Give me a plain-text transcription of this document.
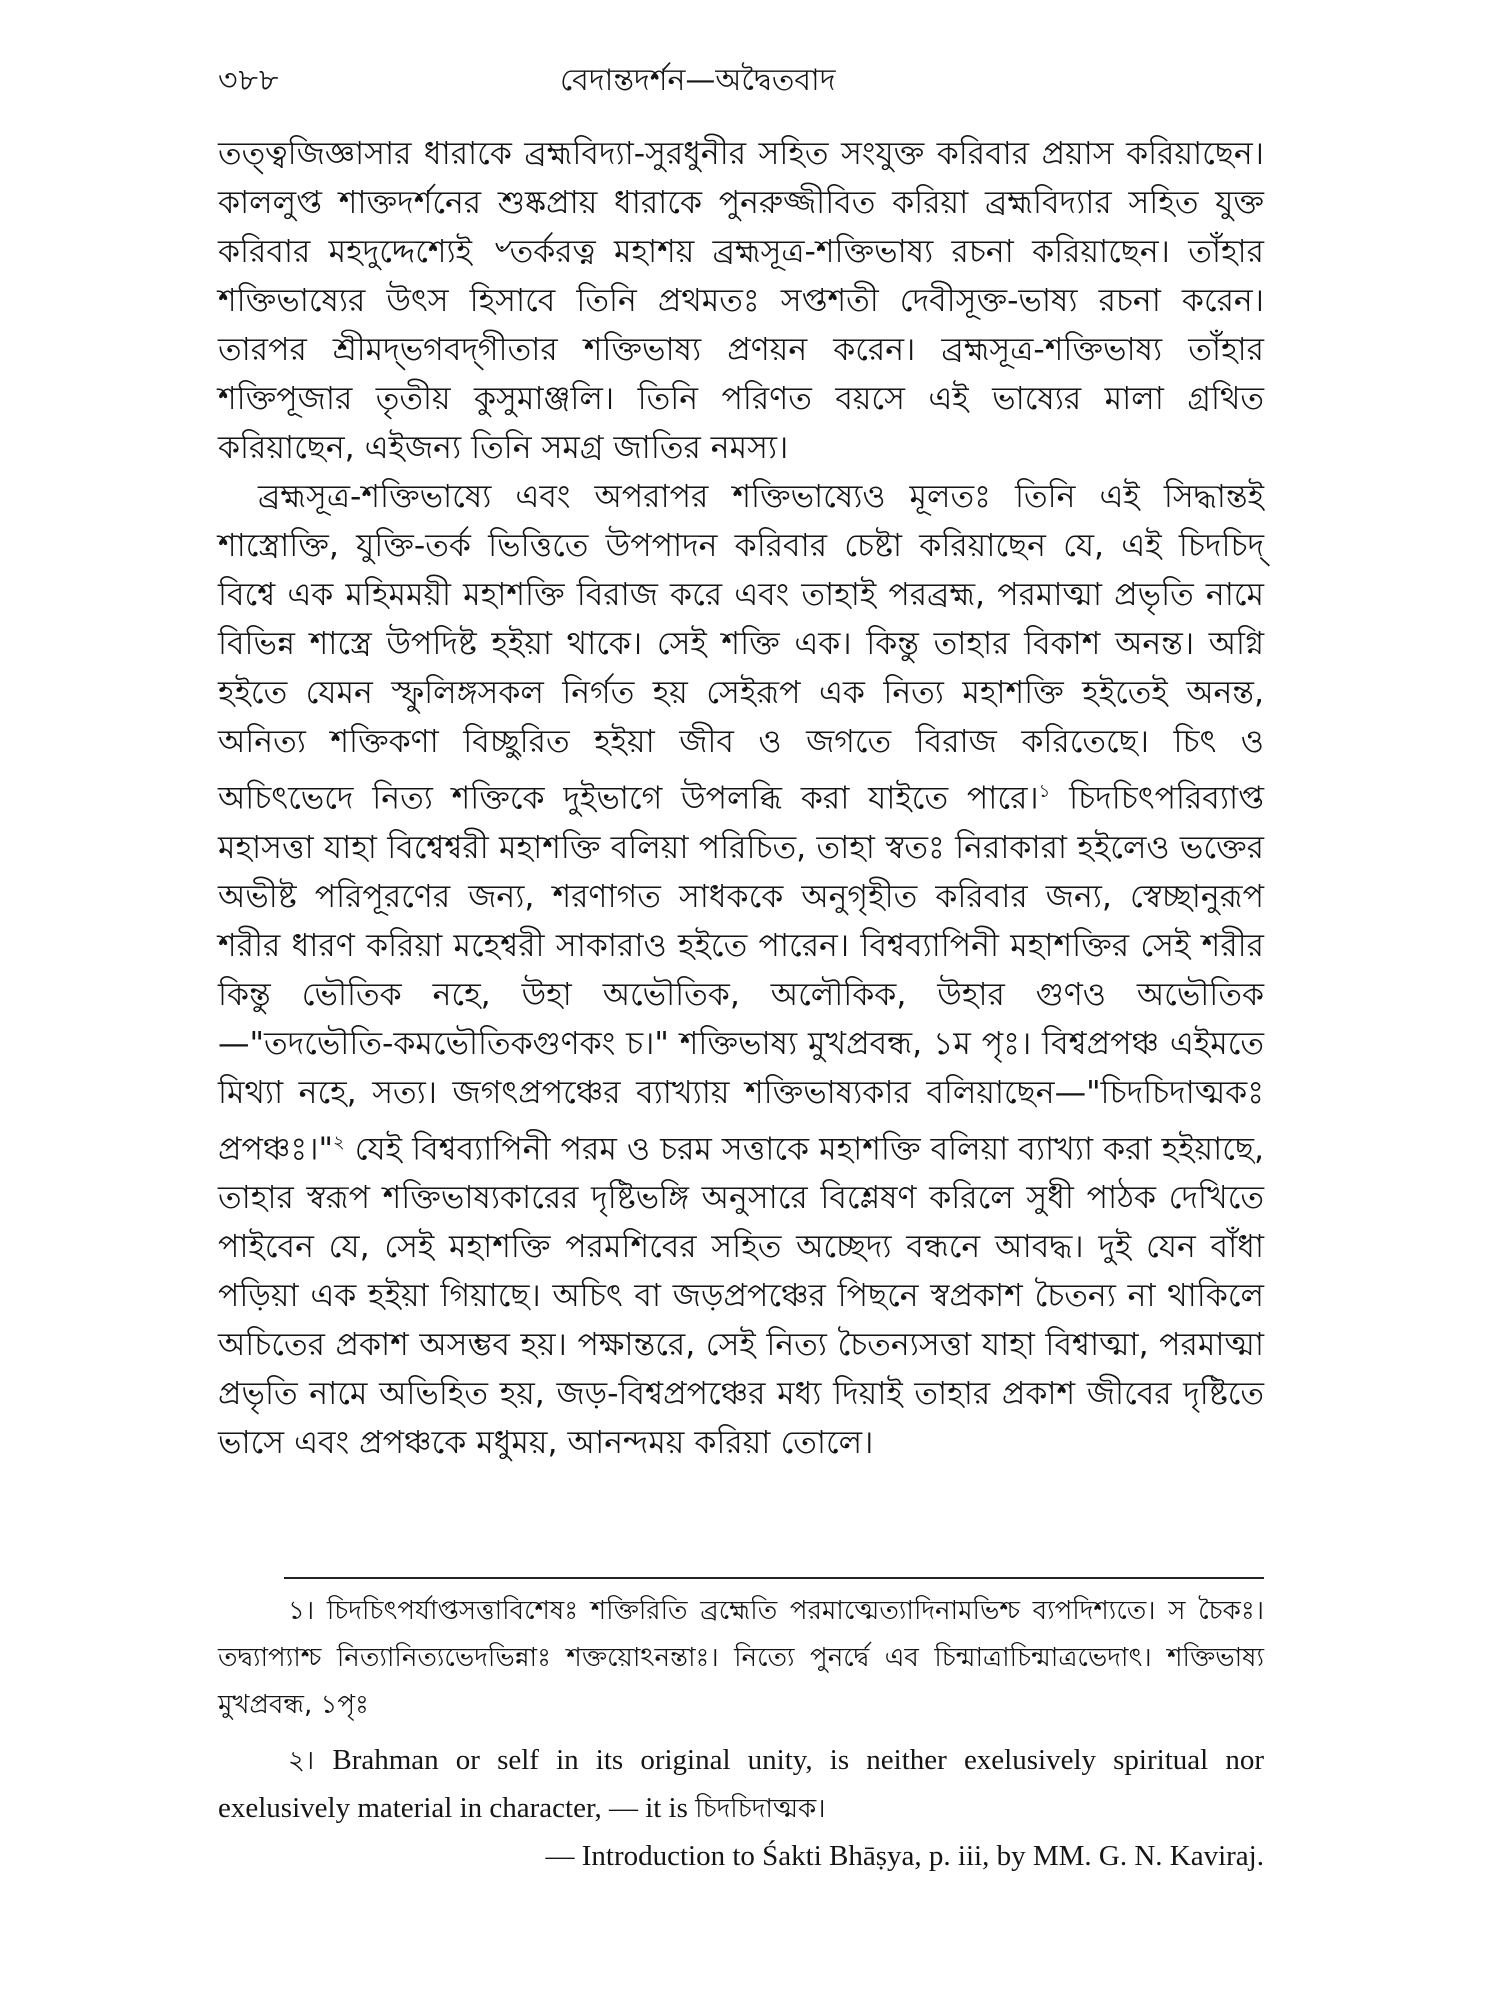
৩৮৮	বেদান্তদর্শন—অদ্বৈতবাদ

তত্ত্বজিজ্ঞাসার ধারাকে ব্রহ্মবিদ্যা-সুরধুনীর সহিত সংযুক্ত করিবার প্রয়াস করিয়াছেন। কাললুপ্ত শাক্তদর্শনের শুষ্কপ্রায় ধারাকে পুনরুজ্জীবিত করিয়া ব্রহ্মবিদ্যার সহিত যুক্ত করিবার মহদুদ্দেশ্যেই ৺তর্করত্ন মহাশয় ব্রহ্মসূত্র-শক্তিভাষ্য রচনা করিয়াছেন। তাঁহার শক্তিভাষ্যের উৎস হিসাবে তিনি প্রথমতঃ সপ্তশতী দেবীসূক্ত-ভাষ্য রচনা করেন। তারপর শ্রীমদ্‌ভগবদ্‌গীতার শক্তিভাষ্য প্রণয়ন করেন। ব্রহ্মসূত্র-শক্তিভাষ্য তাঁহার শক্তিপূজার তৃতীয় কুসুমাঞ্জলি। তিনি পরিণত বয়সে এই ভাষ্যের মালা গ্রথিত করিয়াছেন, এইজন্য তিনি সমগ্র জাতির নমস্য।

ব্রহ্মসূত্র-শক্তিভাষ্যে এবং অপরাপর শক্তিভাষ্যেও মূলতঃ তিনি এই সিদ্ধান্তই শাস্ত্রোক্তি, যুক্তি-তর্ক ভিত্তিতে উপপাদন করিবার চেষ্টা করিয়াছেন যে, এই চিদচিদ্ বিশ্বে এক মহিমময়ী মহাশক্তি বিরাজ করে এবং তাহাই পরব্রহ্ম, পরমাত্মা প্রভৃতি নামে বিভিন্ন শাস্ত্রে উপদিষ্ট হইয়া থাকে। সেই শক্তি এক। কিন্তু তাহার বিকাশ অনন্ত। অগ্নি হইতে যেমন স্ফুলিঙ্গসকল নির্গত হয় সেইরূপ এক নিত্য মহাশক্তি হইতেই অনন্ত, অনিত্য শক্তিকণা বিচ্ছুরিত হইয়া জীব ও জগতে বিরাজ করিতেছে। চিৎ ও অচিৎভেদে নিত্য শক্তিকে দুইভাগে উপলব্ধি করা যাইতে পারে।$^১$ চিদচিৎপরিব্যাপ্ত মহাসত্তা যাহা বিশ্বেশ্বরী মহাশক্তি বলিয়া পরিচিত, তাহা স্বতঃ নিরাকারা হইলেও ভক্তের অভীষ্ট পরিপূরণের জন্য, শরণাগত সাধককে অনুগৃহীত করিবার জন্য, স্বেচ্ছানুরূপ শরীর ধারণ করিয়া মহেশ্বরী সাকারাও হইতে পারেন। বিশ্বব্যাপিনী মহাশক্তির সেই শরীর কিন্তু ভৌতিক নহে, উহা অভৌতিক, অলৌকিক, উহার গুণও অভৌতিক—"তদভৌতি-কমভৌতিকগুণকং চ।" শক্তিভাষ্য মুখপ্রবন্ধ, ১ম পৃঃ। বিশ্বপ্রপঞ্চ এইমতে মিথ্যা নহে, সত্য। জগৎপ্রপঞ্চের ব্যাখ্যায় শক্তিভাষ্যকার বলিয়াছেন—"চিদচিদাত্মকঃ প্রপঞ্চঃ।"$^২$ যেই বিশ্বব্যাপিনী পরম ও চরম সত্তাকে মহাশক্তি বলিয়া ব্যাখ্যা করা হইয়াছে, তাহার স্বরূপ শক্তিভাষ্যকারের দৃষ্টিভঙ্গি অনুসারে বিশ্লেষণ করিলে সুধী পাঠক দেখিতে পাইবেন যে, সেই মহাশক্তি পরমশিবের সহিত অচ্ছেদ্য বন্ধনে আবদ্ধ। দুই যেন বাঁধা পড়িয়া এক হইয়া গিয়াছে। অচিৎ বা জড়প্রপঞ্চের পিছনে স্বপ্রকাশ চৈতন্য না থাকিলে অচিতের প্রকাশ অসম্ভব হয়। পক্ষান্তরে, সেই নিত্য চৈতন্যসত্তা যাহা বিশ্বাত্মা, পরমাত্মা প্রভৃতি নামে অভিহিত হয়, জড়-বিশ্বপ্রপঞ্চের মধ্য দিয়াই তাহার প্রকাশ জীবের দৃষ্টিতে ভাসে এবং প্রপঞ্চকে মধুময়, আনন্দময় করিয়া তোলে।

১। চিদচিৎপর্যাপ্তসত্তাবিশেষঃ শক্তিরিতি ব্রহ্মেতি পরমাত্মেত্যাদিনামভিশ্চ ব্যপদিশ্যতে। স চৈকঃ। তদ্ব্যাপ্যাশ্চ নিত্যানিত্যভেদভিন্নাঃ শক্তয়োঽনন্তাঃ। নিত্যে পুনর্দ্বে এব চিন্মাত্রাচিন্মাত্রভেদাৎ। শক্তিভাষ্য মুখপ্রবন্ধ, ১পৃঃ

২। Brahman or self in its original unity, is neither exelusively spiritual nor exelusively material in character, — it is চিদচিদাত্মক।

— Introduction to Śakti Bhāṣya, p. iii, by MM. G. N. Kaviraj.
